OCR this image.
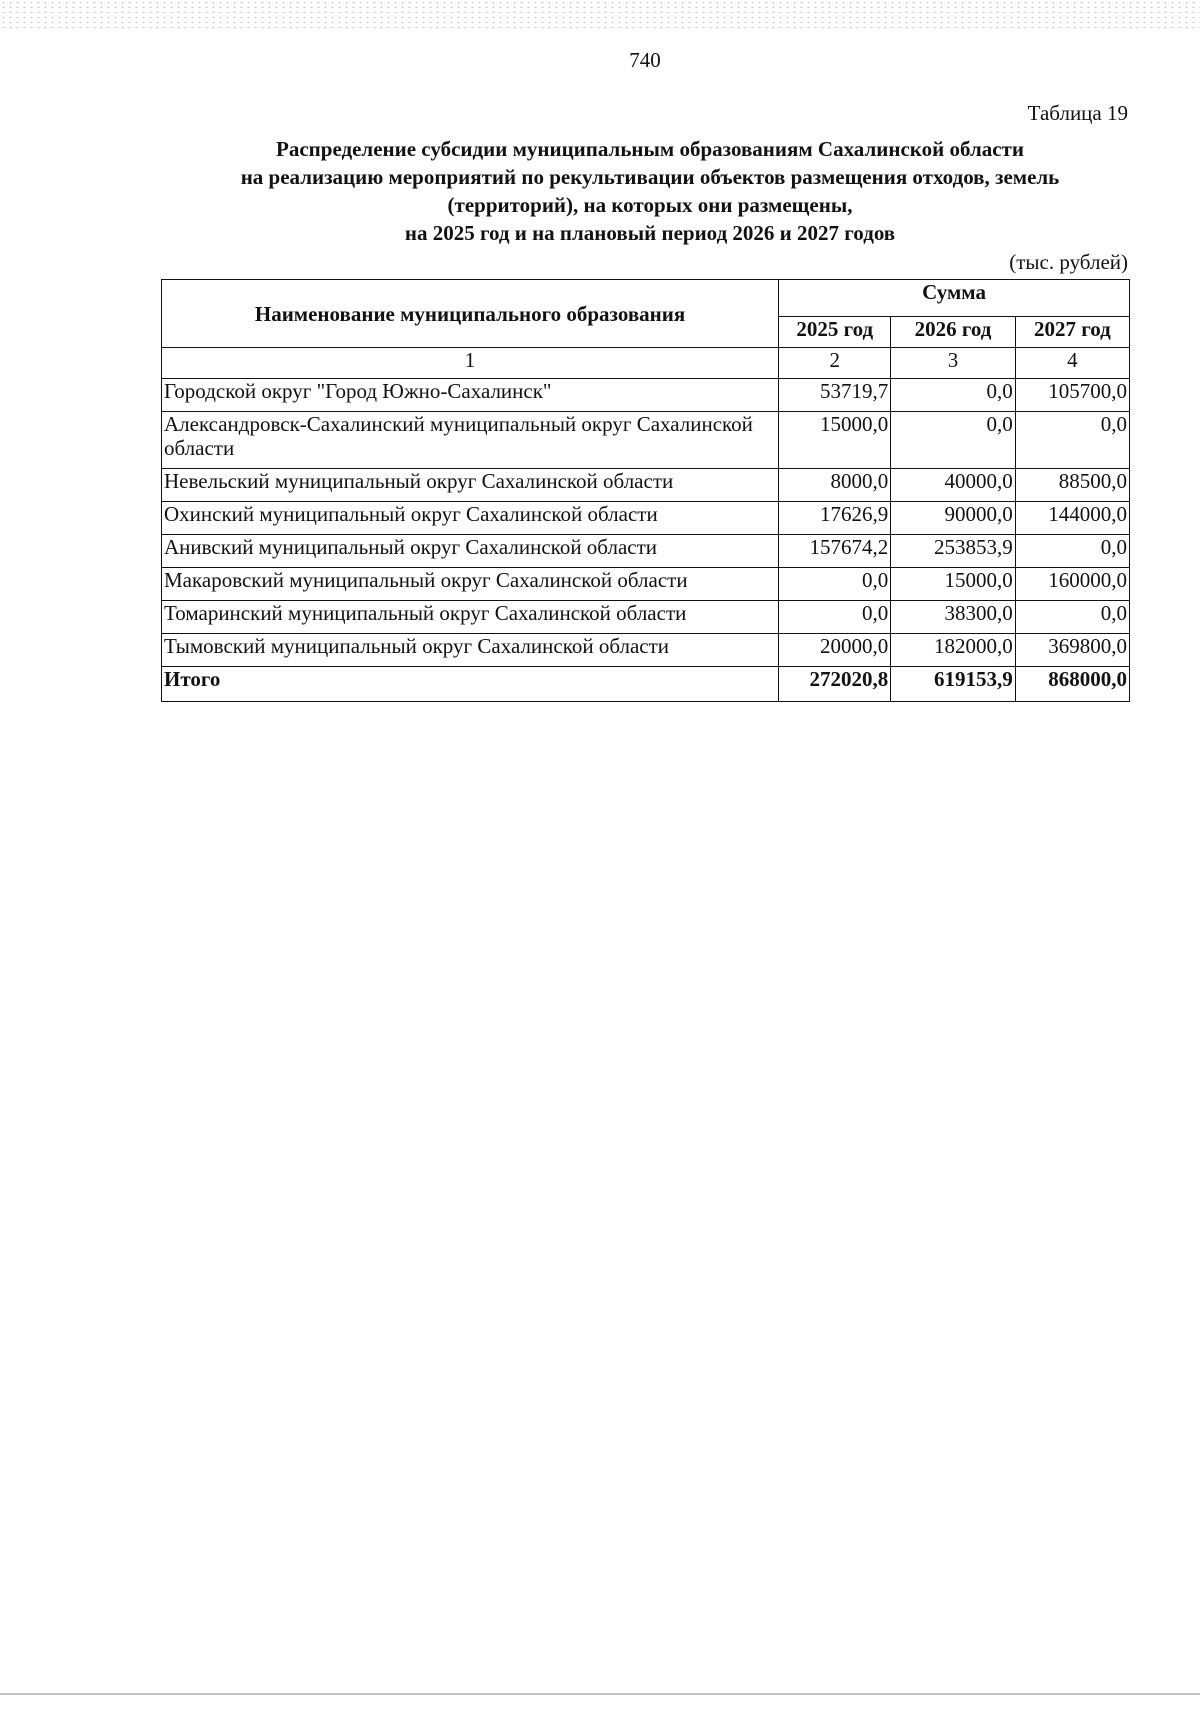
740
Таблица 19
Распределение субсидии муниципальным образованиям Сахалинской области
на реализацию мероприятий по рекультивации объектов размещения отходов, земель
(территорий), на которых они размещены,
на 2025 год и на плановый период 2026 и 2027 годов
(тыс. рублей)
Наименование муниципального образования	Сумма		
	2025 год	2026 год	2027 год
1	2	3	4
Городской округ "Город Южно-Сахалинск"	53719,7	0,0	105700,0
Александровск-Сахалинский муниципальный округ Сахалинской области	15000,0	0,0	0,0
Невельский муниципальный округ Сахалинской области	8000,0	40000,0	88500,0
Охинский муниципальный округ Сахалинской области	17626,9	90000,0	144000,0
Анивский муниципальный округ Сахалинской области	157674,2	253853,9	0,0
Макаровский муниципальный округ Сахалинской области	0,0	15000,0	160000,0
Томаринский муниципальный округ Сахалинской области	0,0	38300,0	0,0
Тымовский муниципальный округ Сахалинской области	20000,0	182000,0	369800,0
Итого	272020,8	619153,9	868000,0
